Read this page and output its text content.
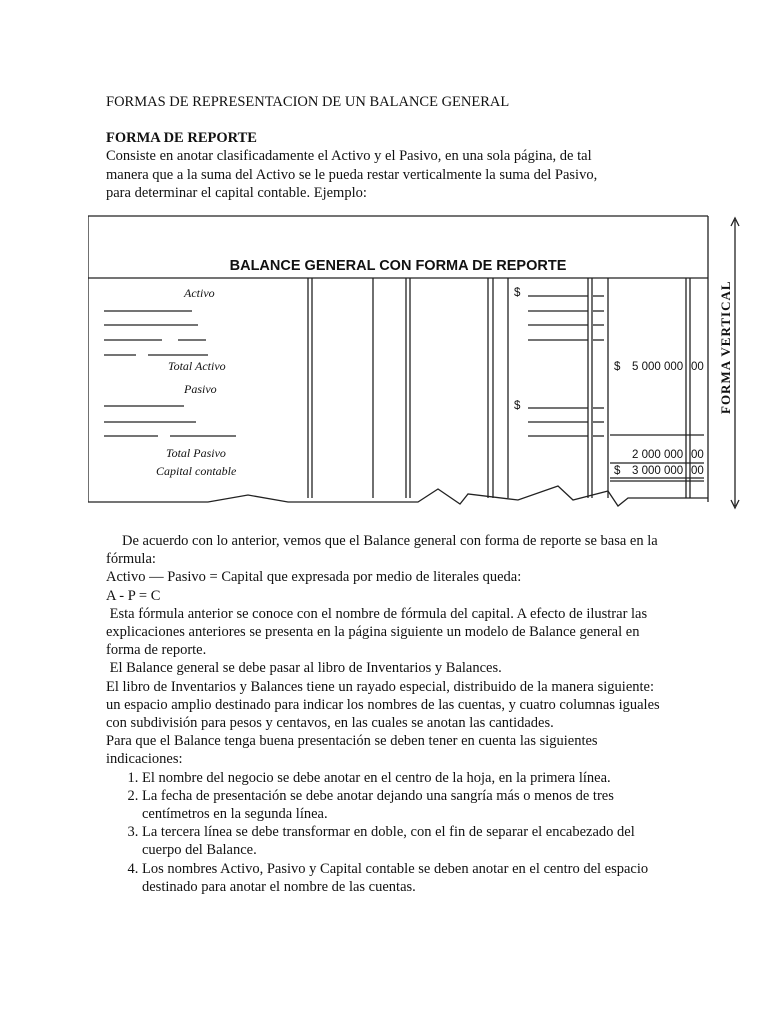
FORMAS DE REPRESENTACION DE UN BALANCE GENERAL
FORMA DE REPORTE
Consiste en anotar clasificadamente el Activo y el Pasivo, en una sola página, de tal
manera que a la suma del Activo se le pueda restar verticalmente la suma del Pasivo,
para determinar el capital contable. Ejemplo:
BALANCE GENERAL CON FORMA DE REPORTE
Activo
Total Activo
Pasivo
Total Pasivo
Capital contable
$
$
$ 5 000 000 00
2 000 000 00
$ 3 000 000 00
FORMA VERTICAL

De acuerdo con lo anterior, vemos que el Balance general con forma de reporte se basa en la fórmula:

Activo — Pasivo = Capital que expresada por medio de literales queda:

A - P = C

Esta fórmula anterior se conoce con el nombre de fórmula del capital. A efecto de ilustrar las explicaciones anteriores se presenta en la página siguiente un modelo de Balance general en forma de reporte.

El Balance general se debe pasar al libro de Inventarios y Balances.

El libro de Inventarios y Balances tiene un rayado especial, distribuido de la manera siguiente: un espacio amplio destinado para indicar los nombres de las cuentas, y cuatro columnas iguales con subdivisión para pesos y centavos, en las cuales se anotan las cantidades.

Para que el Balance tenga buena presentación se deben tener en cuenta las siguientes indicaciones:

1. El nombre del negocio se debe anotar en el centro de la hoja, en la primera línea.
2. La fecha de presentación se debe anotar dejando una sangría más o menos de tres centímetros en la segunda línea.
3. La tercera línea se debe transformar en doble, con el fin de separar el encabezado del cuerpo del Balance.
4. Los nombres Activo, Pasivo y Capital contable se deben anotar en el centro del espacio destinado para anotar el nombre de las cuentas.
